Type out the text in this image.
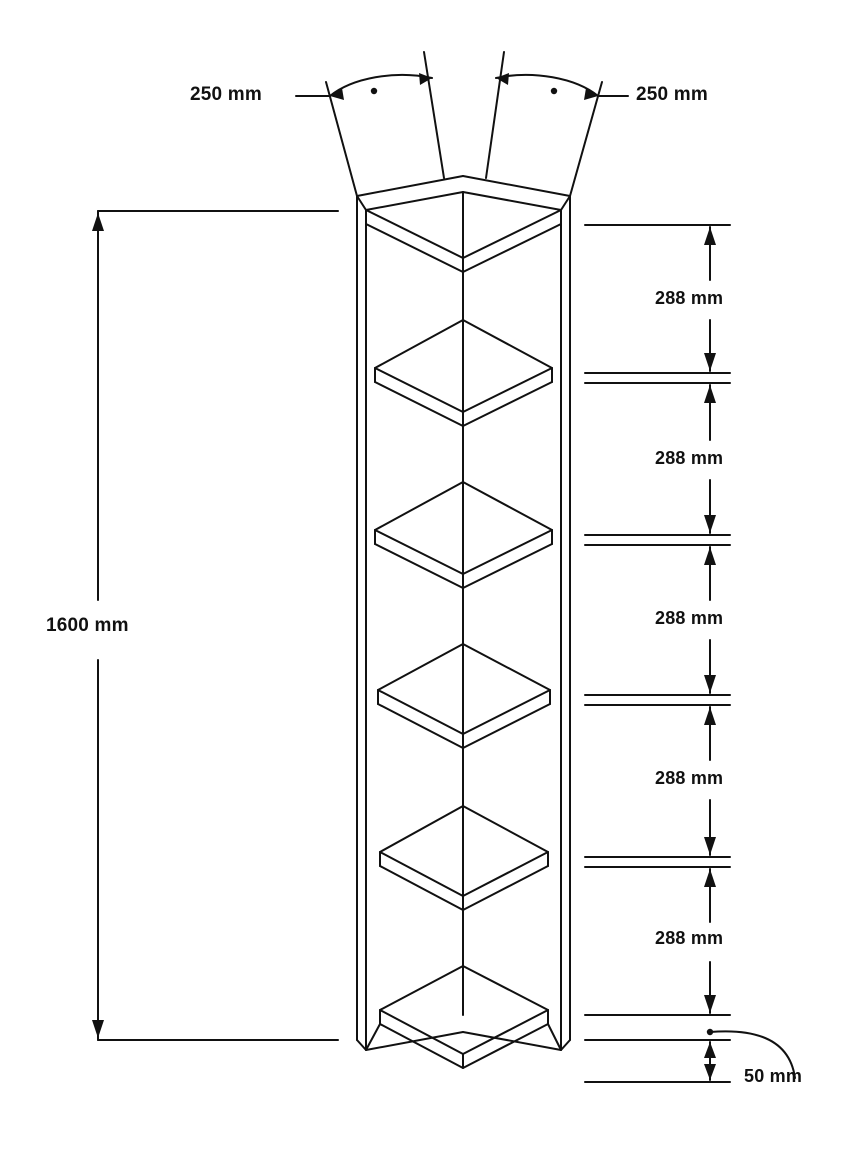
250 mm	250 mm
1600 mm
288 mm
288 mm
288 mm
288 mm
288 mm
50 mm
